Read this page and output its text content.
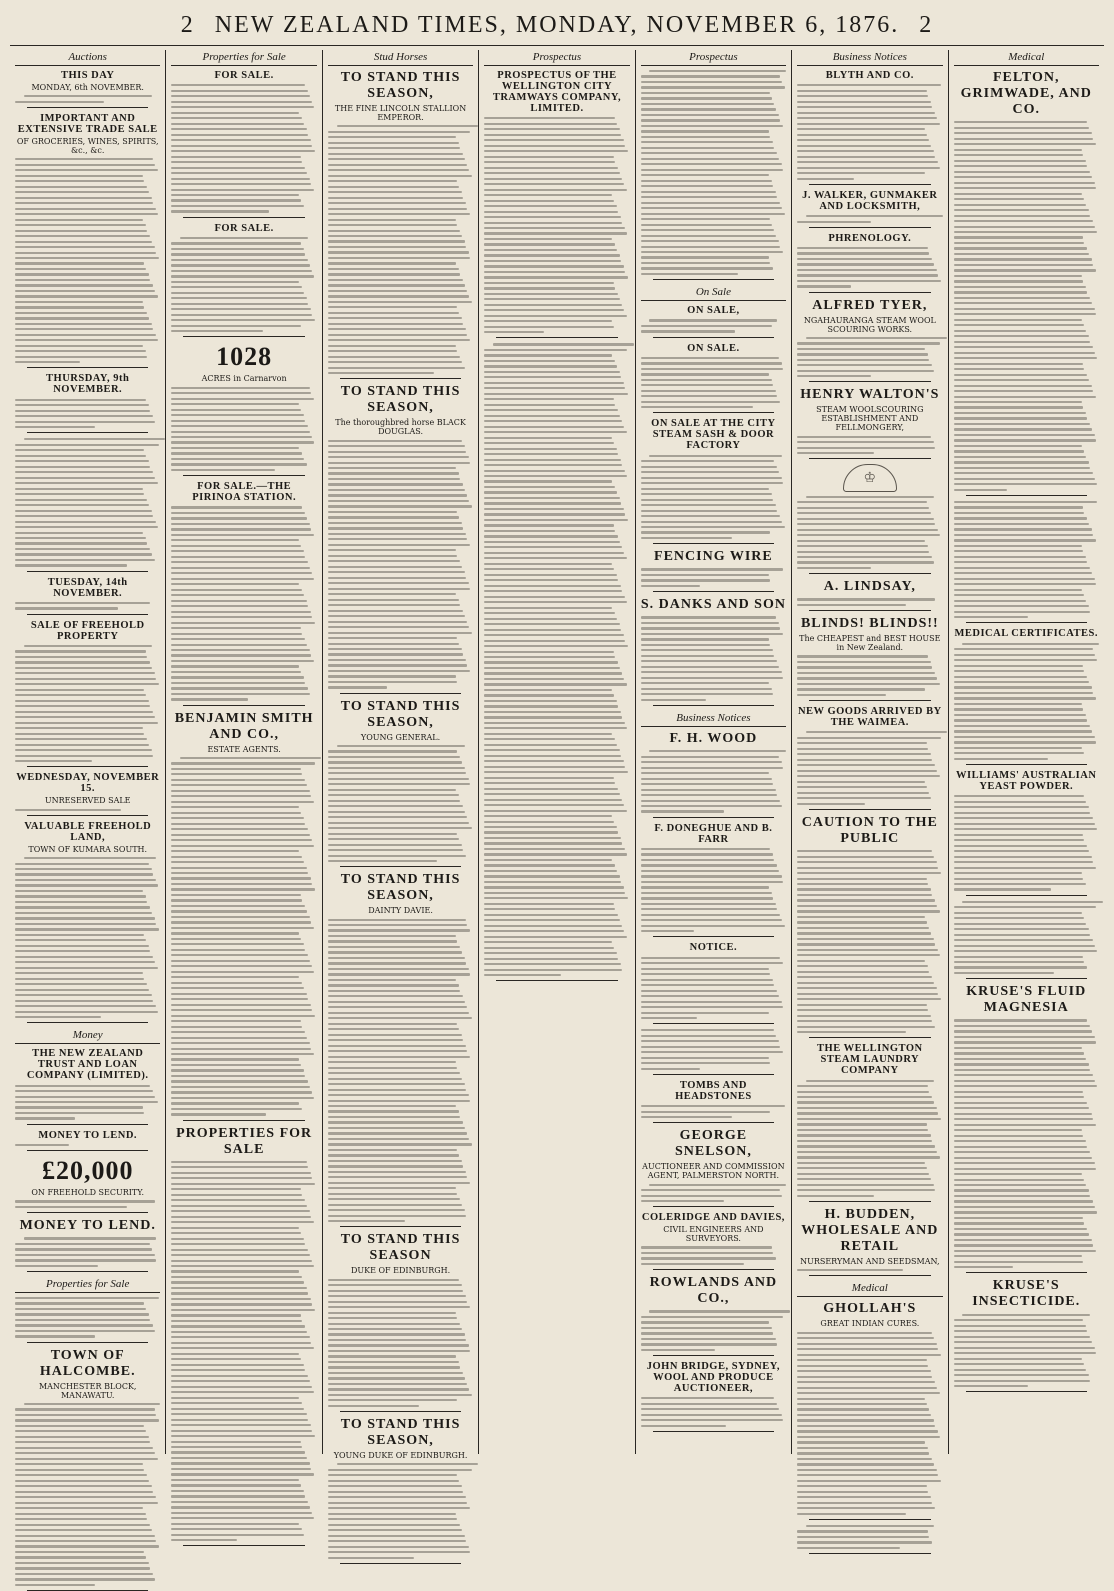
2 NEW ZEALAND TIMES, MONDAY, NOVEMBER 6, 1876. 2
Auctions
THIS DAY
MONDAY, 6th NOVEMBER.
IMPORTANT AND EXTENSIVE TRADE SALE
OF GROCERIES, WINES, SPIRITS, &c., &c.
THURSDAY, 9th NOVEMBER.
TUESDAY, 14th NOVEMBER.
SALE OF FREEHOLD PROPERTY
WEDNESDAY, NOVEMBER 15.
UNRESERVED SALE
VALUABLE FREEHOLD LAND,
TOWN OF KUMARA SOUTH.
Money
THE NEW ZEALAND TRUST AND LOAN COMPANY (LIMITED).
MONEY TO LEND.
£20,000
ON FREEHOLD SECURITY.
MONEY TO LEND.
Properties for Sale
TOWN OF HALCOMBE.
MANCHESTER BLOCK, MANAWATU.
Properties for Sale
FOR SALE.
FOR SALE.
1028
ACRES in Carnarvon
FOR SALE.—THE PIRINOA STATION.
BENJAMIN SMITH AND CO.,
ESTATE AGENTS.
PROPERTIES FOR SALE
Stud Horses
TO STAND THIS SEASON,
THE FINE LINCOLN STALLION EMPEROR.
TO STAND THIS SEASON,
The thoroughbred horse BLACK DOUGLAS.
TO STAND THIS SEASON,
YOUNG GENERAL.
TO STAND THIS SEASON,
DAINTY DAVIE.
TO STAND THIS SEASON
DUKE OF EDINBURGH.
TO STAND THIS SEASON,
YOUNG DUKE OF EDINBURGH.
Prospectus
PROSPECTUS OF THE WELLINGTON CITY TRAMWAYS COMPANY, LIMITED.
Prospectus
On Sale
ON SALE,
ON SALE.
ON SALE AT THE CITY STEAM SASH & DOOR FACTORY
FENCING WIRE
S. DANKS AND SON
Business Notices
F. H. WOOD
F. DONEGHUE AND B. FARR
NOTICE.
TOMBS AND HEADSTONES
GEORGE SNELSON,
AUCTIONEER AND COMMISSION AGENT, PALMERSTON NORTH.
COLERIDGE AND DAVIES,
CIVIL ENGINEERS AND SURVEYORS.
ROWLANDS AND CO.,
JOHN BRIDGE, SYDNEY, WOOL AND PRODUCE AUCTIONEER,
Business Notices
BLYTH AND CO.
J. WALKER, GUNMAKER AND LOCKSMITH,
PHRENOLOGY.
ALFRED TYER,
NGAHAURANGA STEAM WOOL SCOURING WORKS.
HENRY WALTON'S
STEAM WOOLSCOURING ESTABLISHMENT AND FELLMONGERY,
♔
A. LINDSAY,
BLINDS! BLINDS!!
The CHEAPEST and BEST HOUSE in New Zealand.
NEW GOODS ARRIVED BY THE WAIMEA.
CAUTION TO THE PUBLIC
THE WELLINGTON STEAM LAUNDRY COMPANY
H. BUDDEN, WHOLESALE AND RETAIL
NURSERYMAN AND SEEDSMAN,
Medical
GHOLLAH'S
GREAT INDIAN CURES.
Medical
FELTON, GRIMWADE, AND CO.
MEDICAL CERTIFICATES.
WILLIAMS' AUSTRALIAN YEAST POWDER.
KRUSE'S FLUID MAGNESIA
KRUSE'S INSECTICIDE.
